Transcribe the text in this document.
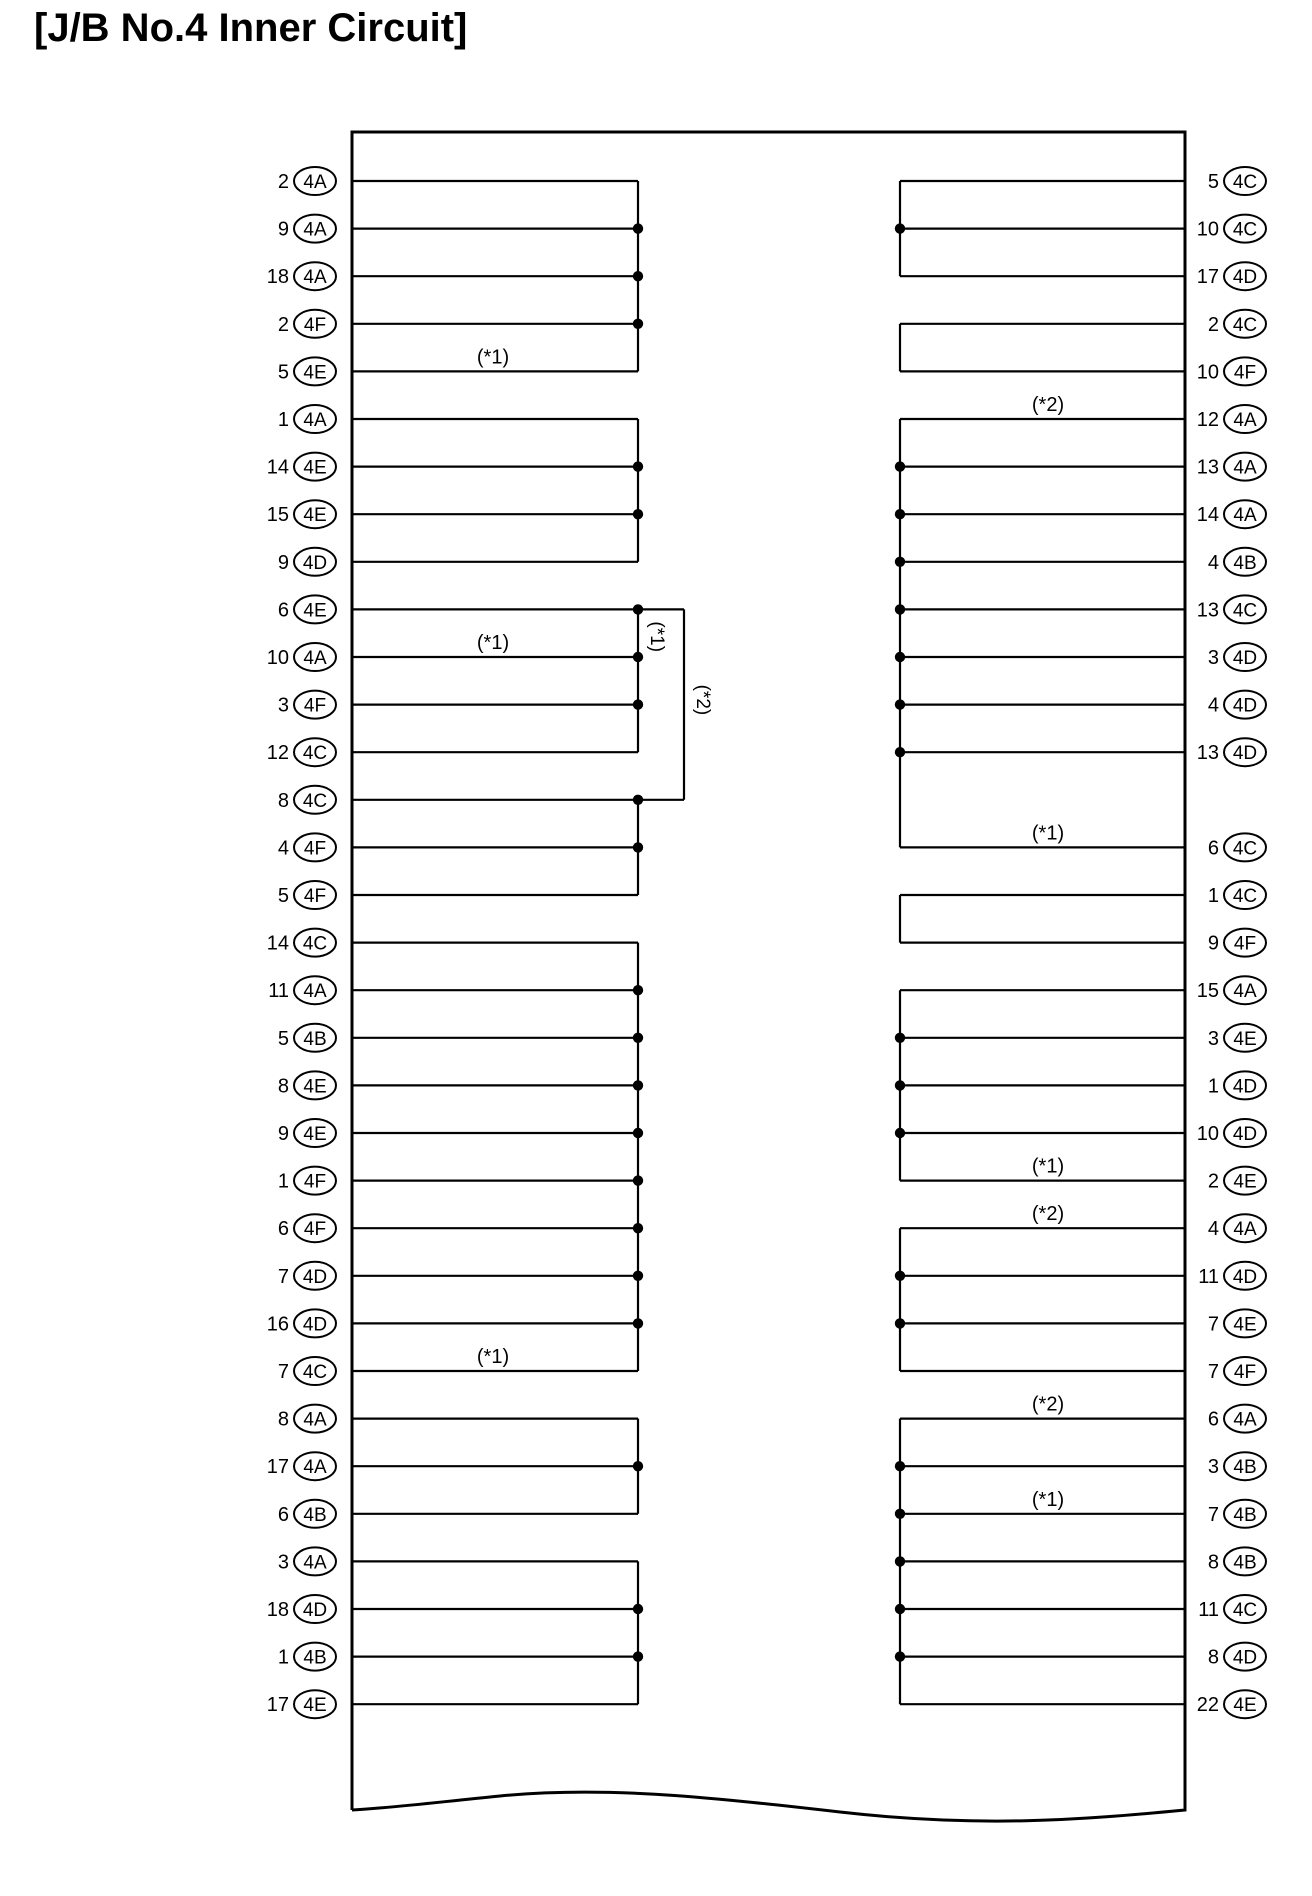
[J/B No.4 Inner Circuit]
(*1)
(*1)
(*1)
(*2)
(*1)
(*1)
(*2)
(*2)
(*1)
(*1)
(*2)
4A
2
4A
9
4A
18
4F
2
4E
5
4A
1
4E
14
4E
15
4D
9
4E
6
4A
10
4F
3
4C
12
4C
8
4F
4
4F
5
4C
14
4A
11
4B
5
4E
8
4E
9
4F
1
4F
6
4D
7
4D
16
4C
7
4A
8
4A
17
4B
6
4A
3
4D
18
4B
1
4E
17
4C
5
4C
10
4D
17
4C
2
4F
10
4A
12
4A
13
4A
14
4B
4
4C
13
4D
3
4D
4
4D
13
4C
6
4C
1
4F
9
4A
15
4E
3
4D
1
4D
10
4E
2
4A
4
4D
11
4E
7
4F
7
4A
6
4B
3
4B
7
4B
8
4C
11
4D
8
4E
22
